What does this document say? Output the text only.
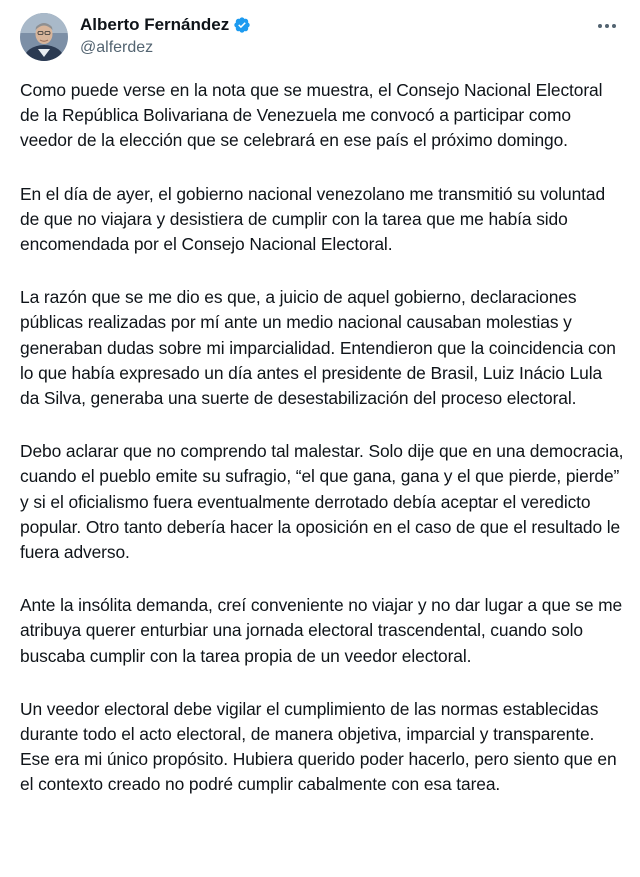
Alberto Fernández
@alferdez

Como puede verse en la nota que se muestra, el Consejo Nacional Electoral de la República Bolivariana de Venezuela me convocó a participar como veedor de la elección que se celebrará en ese país el próximo domingo.

En el día de ayer, el gobierno nacional venezolano me transmitió su voluntad de que no viajara y desistiera de cumplir con la tarea que me había sido encomendada por el Consejo Nacional Electoral.

La razón que se me dio es que, a juicio de aquel gobierno, declaraciones públicas realizadas por mí ante un medio nacional causaban molestias y generaban dudas sobre mi imparcialidad. Entendieron que la coincidencia con lo que había expresado un día antes el presidente de Brasil, Luiz Inácio Lula da Silva, generaba una suerte de desestabilización del proceso electoral.

Debo aclarar que no comprendo tal malestar. Solo dije que en una democracia, cuando el pueblo emite su sufragio, “el que gana, gana y el que pierde, pierde” y si el oficialismo fuera eventualmente derrotado debía aceptar el veredicto popular. Otro tanto debería hacer la oposición en el caso de que el resultado le fuera adverso.

Ante la insólita demanda, creí conveniente no viajar y no dar lugar a que se me atribuya querer enturbiar una jornada electoral trascendental, cuando solo buscaba cumplir con la tarea propia de un veedor electoral.

Un veedor electoral debe vigilar el cumplimiento de las normas establecidas durante todo el acto electoral, de manera objetiva, imparcial y transparente. Ese era mi único propósito. Hubiera querido poder hacerlo, pero siento que en el contexto creado no podré cumplir cabalmente con esa tarea.
